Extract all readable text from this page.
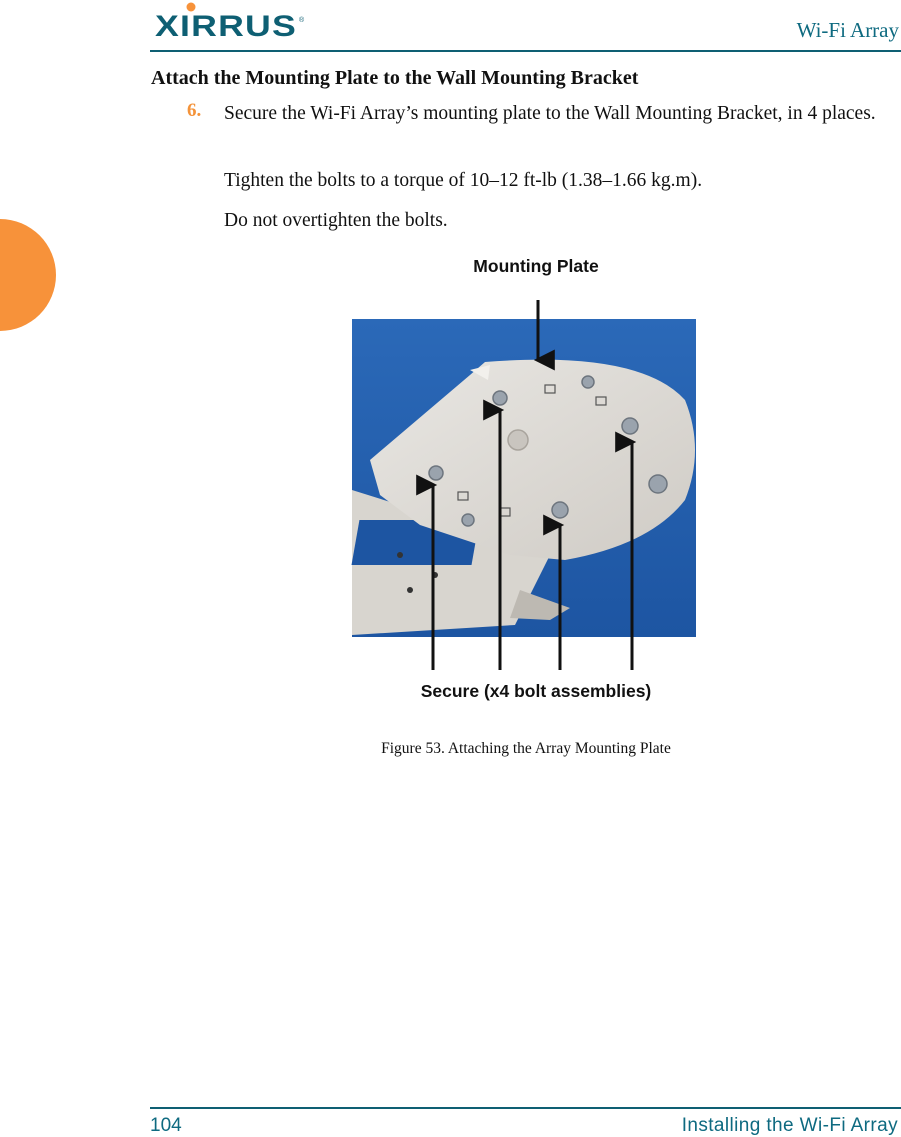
XIRRUS ®	Wi-Fi Array
Attach the Mounting Plate to the Wall Mounting Bracket
6. Secure the Wi-Fi Array’s mounting plate to the Wall Mounting Bracket, in 4 places.
Tighten the bolts to a torque of 10–12 ft-lb (1.38–1.66 kg.m).
Do not overtighten the bolts.
Mounting Plate
Secure (x4 bolt assemblies)
Figure 53. Attaching the Array Mounting Plate
104	Installing the Wi-Fi Array
